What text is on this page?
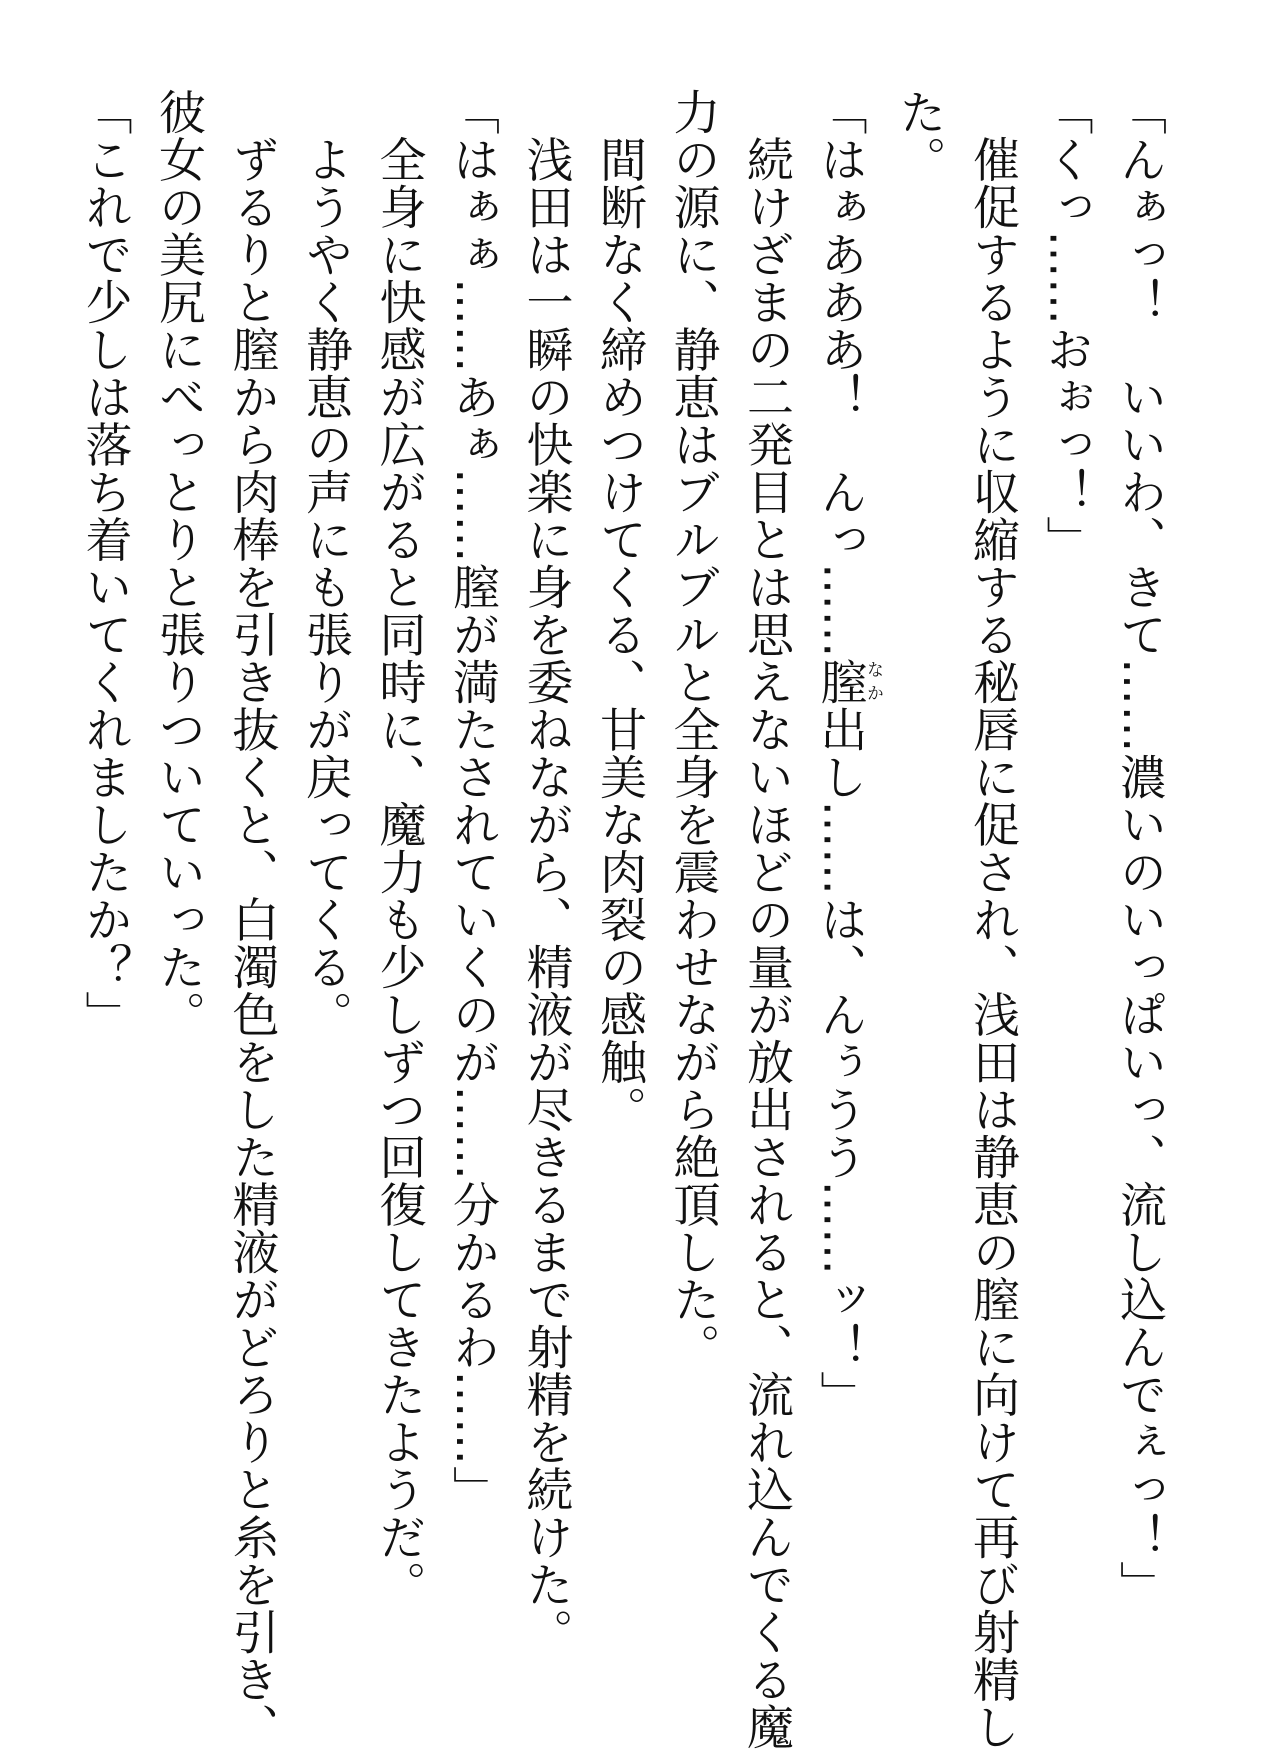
「んぁっ！　いいわ、きて……濃いのいっぱいっ、流し込んでぇっ！」
「くっ……おぉっ！」
　催促するように収縮する秘唇に促され、浅田は静恵の膣に向けて再び射精し
た。
「はぁあああ！　んっ……膣なか出し……は、んぅうう……ッ！」
　続けざまの二発目とは思えないほどの量が放出されると、流れ込んでくる魔
力の源に、静恵はブルブルと全身を震わせながら絶頂した。
　間断なく締めつけてくる、甘美な肉裂の感触。
　浅田は一瞬の快楽に身を委ねながら、精液が尽きるまで射精を続けた。
「はぁぁ……あぁ……膣が満たされていくのが……分かるわ……」
　全身に快感が広がると同時に、魔力も少しずつ回復してきたようだ。
　ようやく静恵の声にも張りが戻ってくる。
　ずるりと膣から肉棒を引き抜くと、白濁色をした精液がどろりと糸を引き、
彼女の美尻にべっとりと張りついていった。
「これで少しは落ち着いてくれましたか？」
